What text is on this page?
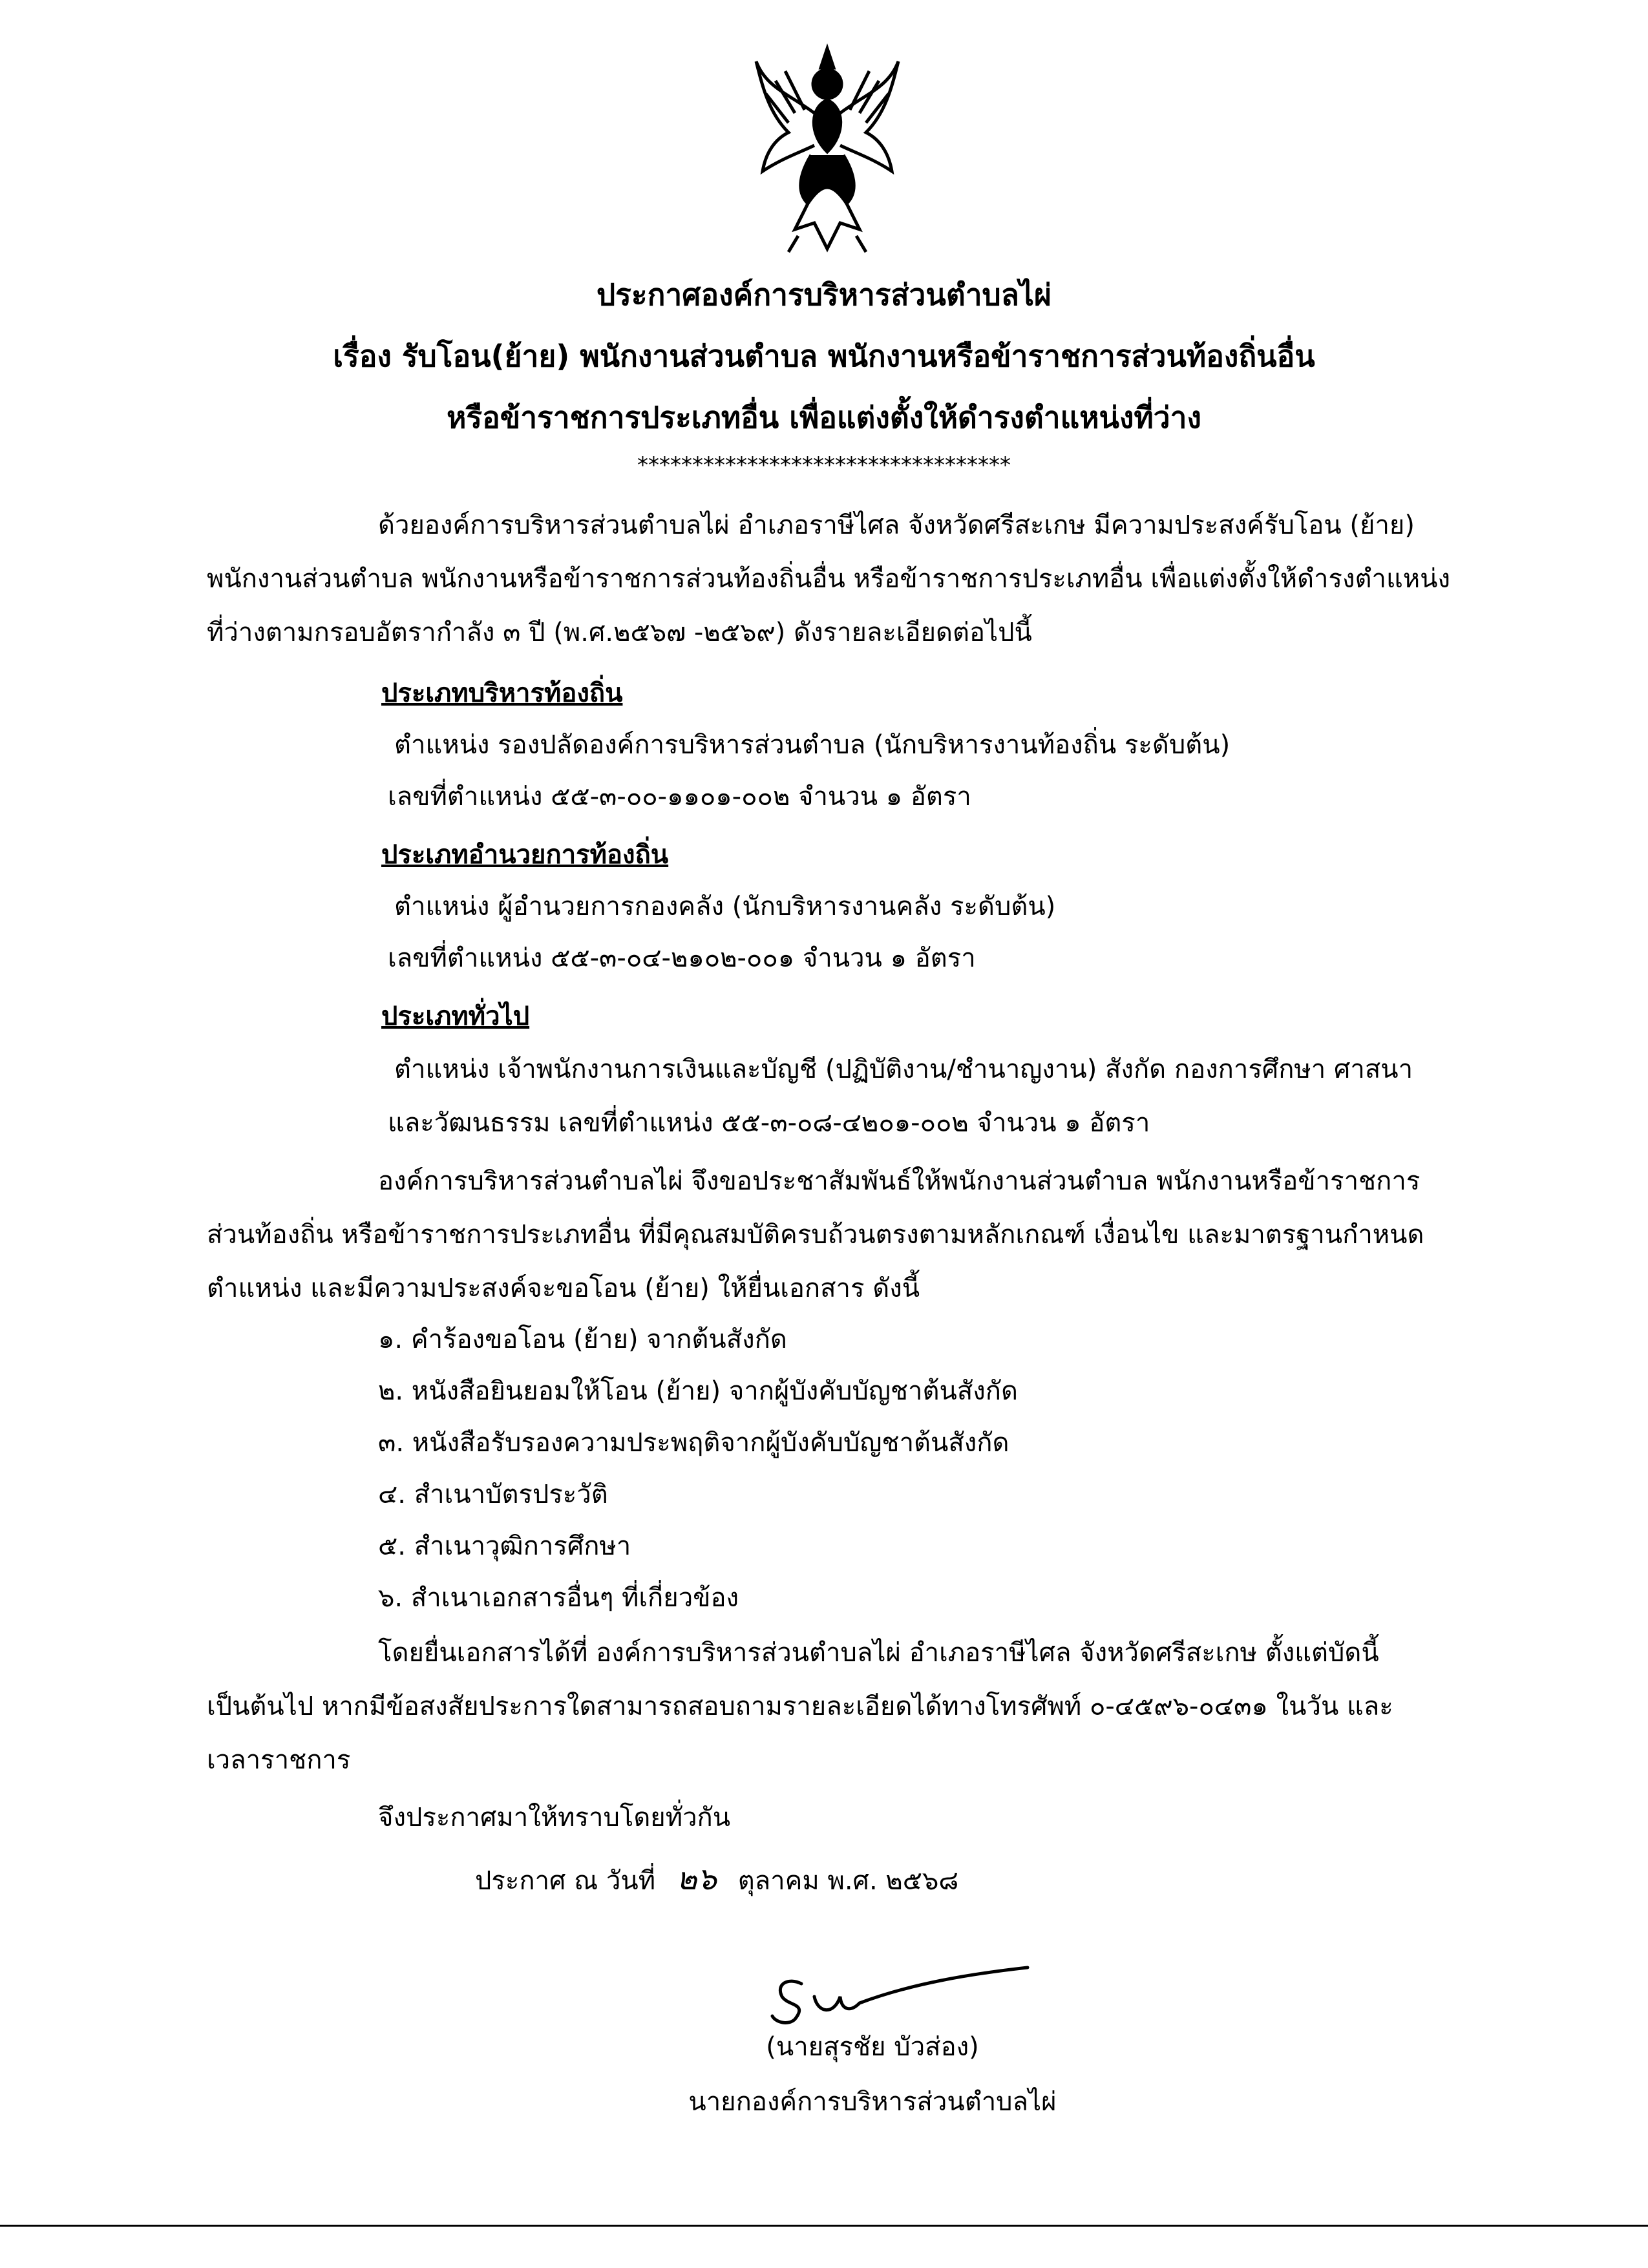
ประกาศองค์การบริหารส่วนตำบลไผ่
เรื่อง รับโอน(ย้าย) พนักงานส่วนตำบล พนักงานหรือข้าราชการส่วนท้องถิ่นอื่น
หรือข้าราชการประเภทอื่น เพื่อแต่งตั้งให้ดำรงตำแหน่งที่ว่าง
**********************************
ด้วยองค์การบริหารส่วนตำบลไผ่ อำเภอราษีไศล จังหวัดศรีสะเกษ มีความประสงค์รับโอน (ย้าย)
พนักงานส่วนตำบล พนักงานหรือข้าราชการส่วนท้องถิ่นอื่น หรือข้าราชการประเภทอื่น เพื่อแต่งตั้งให้ดำรงตำแหน่ง
ที่ว่างตามกรอบอัตรากำลัง ๓ ปี (พ.ศ.๒๕๖๗ -๒๕๖๙) ดังรายละเอียดต่อไปนี้
ประเภทบริหารท้องถิ่น
ตำแหน่ง รองปลัดองค์การบริหารส่วนตำบล (นักบริหารงานท้องถิ่น ระดับต้น)
เลขที่ตำแหน่ง ๕๕-๓-๐๐-๑๑๐๑-๐๐๒ จำนวน ๑ อัตรา
ประเภทอำนวยการท้องถิ่น
ตำแหน่ง ผู้อำนวยการกองคลัง (นักบริหารงานคลัง ระดับต้น)
เลขที่ตำแหน่ง ๕๕-๓-๐๔-๒๑๐๒-๐๐๑ จำนวน ๑ อัตรา
ประเภททั่วไป
ตำแหน่ง เจ้าพนักงานการเงินและบัญชี (ปฏิบัติงาน/ชำนาญงาน) สังกัด กองการศึกษา ศาสนา
และวัฒนธรรม เลขที่ตำแหน่ง ๕๕-๓-๐๘-๔๒๐๑-๐๐๒ จำนวน ๑ อัตรา
องค์การบริหารส่วนตำบลไผ่ จึงขอประชาสัมพันธ์ให้พนักงานส่วนตำบล พนักงานหรือข้าราชการ
ส่วนท้องถิ่น หรือข้าราชการประเภทอื่น ที่มีคุณสมบัติครบถ้วนตรงตามหลักเกณฑ์ เงื่อนไข และมาตรฐานกำหนด
ตำแหน่ง และมีความประสงค์จะขอโอน (ย้าย) ให้ยื่นเอกสาร ดังนี้
๑. คำร้องขอโอน (ย้าย) จากต้นสังกัด
๒. หนังสือยินยอมให้โอน (ย้าย) จากผู้บังคับบัญชาต้นสังกัด
๓. หนังสือรับรองความประพฤติจากผู้บังคับบัญชาต้นสังกัด
๔. สำเนาบัตรประวัติ
๕. สำเนาวุฒิการศึกษา
๖. สำเนาเอกสารอื่นๆ ที่เกี่ยวข้อง
โดยยื่นเอกสารได้ที่ องค์การบริหารส่วนตำบลไผ่ อำเภอราษีไศล จังหวัดศรีสะเกษ ตั้งแต่บัดนี้
เป็นต้นไป หากมีข้อสงสัยประการใดสามารถสอบถามรายละเอียดได้ทางโทรศัพท์ ๐-๔๕๙๖-๐๔๓๑ ในวัน และ
เวลาราชการ
จึงประกาศมาให้ทราบโดยทั่วกัน
ประกาศ ณ วันที่ ๒๖ ตุลาคม พ.ศ. ๒๕๖๘
(นายสุรชัย บัวส่อง)
นายกองค์การบริหารส่วนตำบลไผ่
